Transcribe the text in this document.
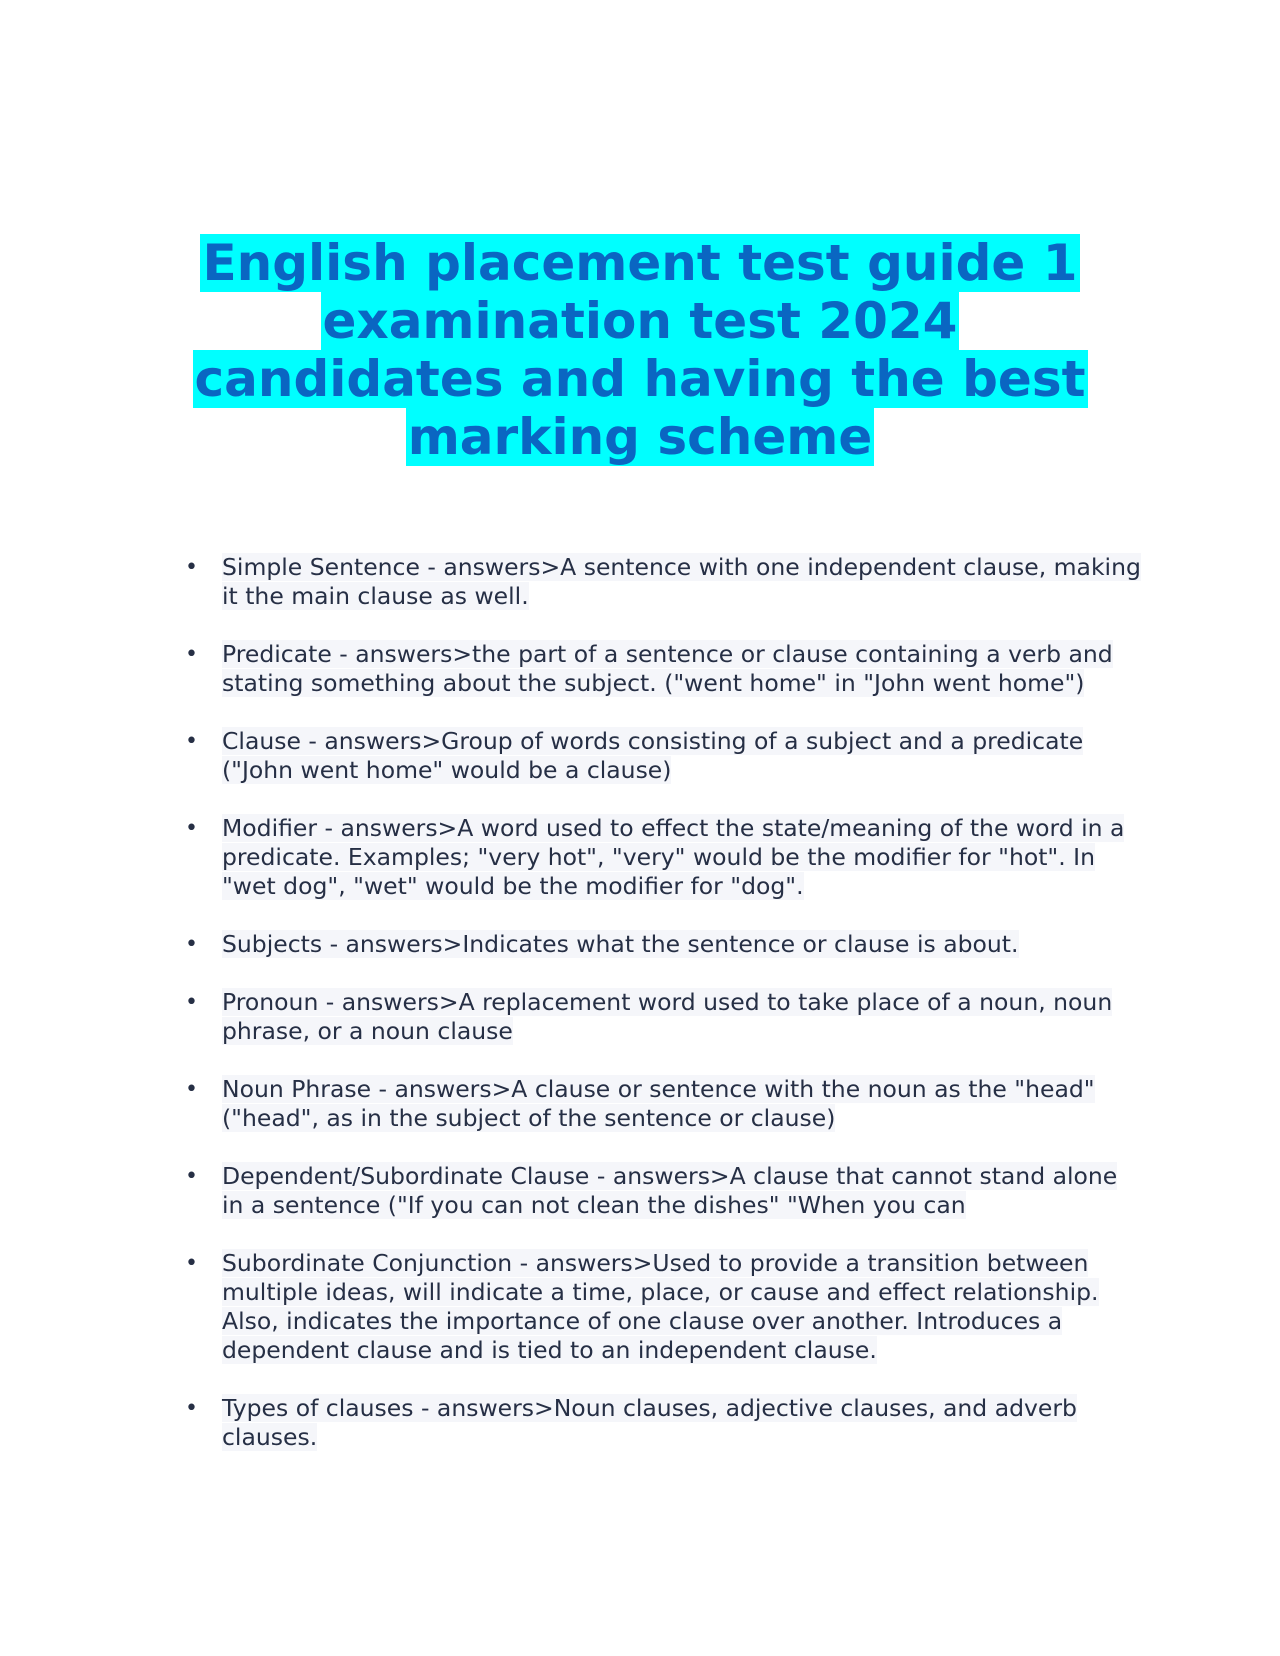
English placement test guide 1
examination test 2024
candidates and having the best
marking scheme
• Simple Sentence - answers>A sentence with one independent clause, making it the main clause as well.
• Predicate - answers>the part of a sentence or clause containing a verb and stating something about the subject. ("went home" in "John went home")
• Clause - answers>Group of words consisting of a subject and a predicate ("John went home" would be a clause)
• Modifier - answers>A word used to effect the state/meaning of the word in a predicate. Examples; "very hot", "very" would be the modifier for "hot". In "wet dog", "wet" would be the modifier for "dog".
• Subjects - answers>Indicates what the sentence or clause is about.
• Pronoun - answers>A replacement word used to take place of a noun, noun phrase, or a noun clause
• Noun Phrase - answers>A clause or sentence with the noun as the "head" ("head", as in the subject of the sentence or clause)
• Dependent/Subordinate Clause - answers>A clause that cannot stand alone in a sentence ("If you can not clean the dishes" "When you can
• Subordinate Conjunction - answers>Used to provide a transition between multiple ideas, will indicate a time, place, or cause and effect relationship. Also, indicates the importance of one clause over another. Introduces a dependent clause and is tied to an independent clause.
• Types of clauses - answers>Noun clauses, adjective clauses, and adverb clauses.
